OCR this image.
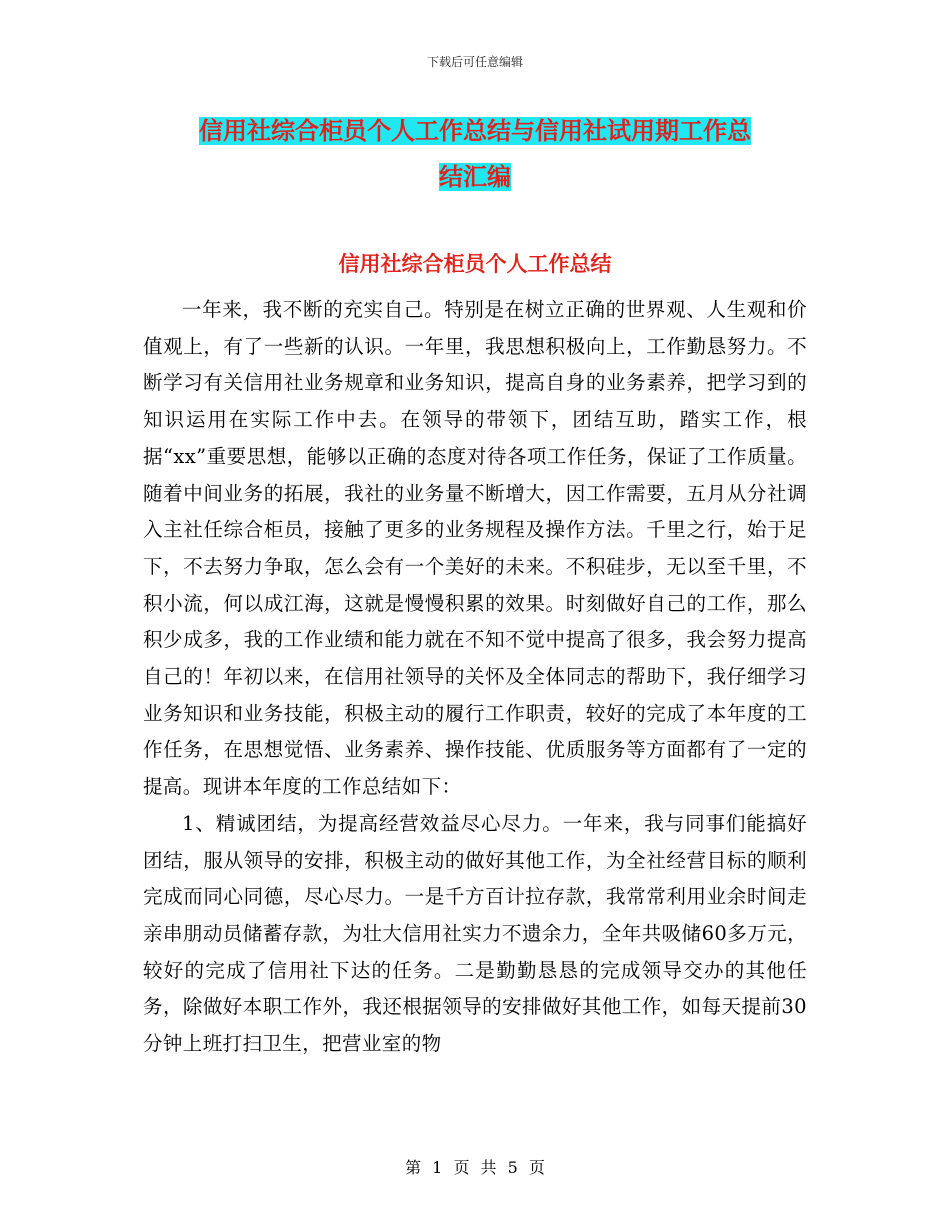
下载后可任意编辑
信用社综合柜员个人工作总结与信用社试用期工作总
结汇编
信用社综合柜员个人工作总结

一年来，我不断的充实自己。特别是在树立正确的世界观、人生观和价值观上，有了一些新的认识。一年里，我思想积极向上，工作勤恳努力。不断学习有关信用社业务规章和业务知识，提高自身的业务素养，把学习到的知识运用在实际工作中去。在领导的带领下，团结互助，踏实工作，根据“xx”重要思想，能够以正确的态度对待各项工作任务，保证了工作质量。随着中间业务的拓展，我社的业务量不断增大，因工作需要，五月从分社调入主社任综合柜员，接触了更多的业务规程及操作方法。千里之行，始于足下，不去努力争取，怎么会有一个美好的未来。不积硅步，无以至千里，不积小流，何以成江海，这就是慢慢积累的效果。时刻做好自己的工作，那么积少成多，我的工作业绩和能力就在不知不觉中提高了很多，我会努力提高自己的！年初以来，在信用社领导的关怀及全体同志的帮助下，我仔细学习业务知识和业务技能，积极主动的履行工作职责，较好的完成了本年度的工作任务，在思想觉悟、业务素养、操作技能、优质服务等方面都有了一定的提高。现讲本年度的工作总结如下：

1、精诚团结，为提高经营效益尽心尽力。一年来，我与同事们能搞好团结，服从领导的安排，积极主动的做好其他工作，为全社经营目标的顺利完成而同心同德，尽心尽力。一是千方百计拉存款，我常常利用业余时间走亲串朋动员储蓄存款，为壮大信用社实力不遗余力，全年共吸储60多万元，较好的完成了信用社下达的任务。二是勤勤恳恳的完成领导交办的其他任务，除做好本职工作外，我还根据领导的安排做好其他工作，如每天提前30分钟上班打扫卫生，把营业室的物

第 1 页 共 5 页
